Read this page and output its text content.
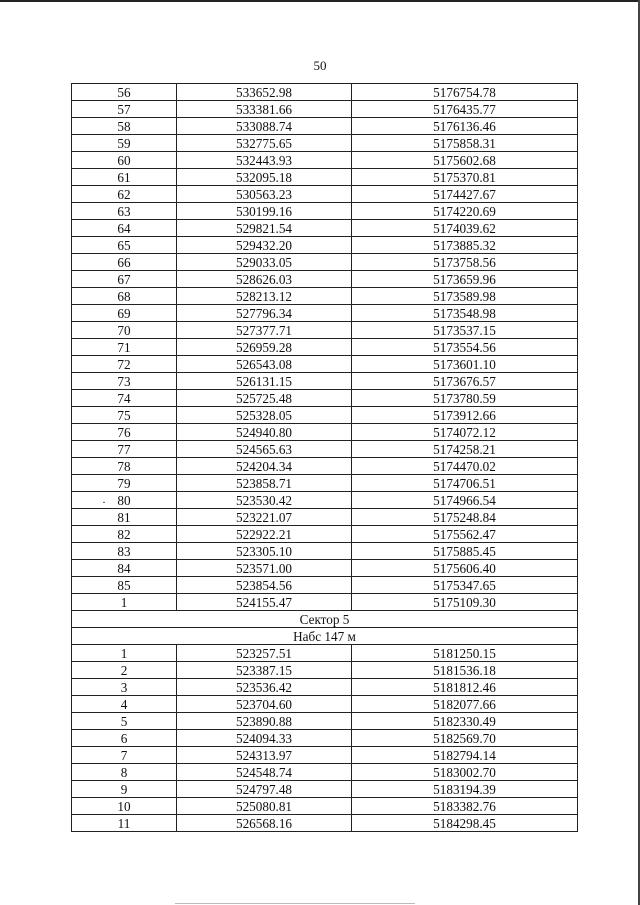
50
56	533652.98	5176754.78
57	533381.66	5176435.77
58	533088.74	5176136.46
59	532775.65	5175858.31
60	532443.93	5175602.68
61	532095.18	5175370.81
62	530563.23	5174427.67
63	530199.16	5174220.69
64	529821.54	5174039.62
65	529432.20	5173885.32
66	529033.05	5173758.56
67	528626.03	5173659.96
68	528213.12	5173589.98
69	527796.34	5173548.98
70	527377.71	5173537.15
71	526959.28	5173554.56
72	526543.08	5173601.10
73	526131.15	5173676.57
74	525725.48	5173780.59
75	525328.05	5173912.66
76	524940.80	5174072.12
77	524565.63	5174258.21
78	524204.34	5174470.02
79	523858.71	5174706.51

· 80	523530.42	5174966.54
81	523221.07	5175248.84
82	522922.21	5175562.47
83	523305.10	5175885.45
84	523571.00	5175606.40
85	523854.56	5175347.65
1	524155.47	5175109.30
Сектор 5		
Набс 147 м		
1	523257.51	5181250.15
2	523387.15	5181536.18
3	523536.42	5181812.46
4	523704.60	5182077.66
5	523890.88	5182330.49
6	524094.33	5182569.70
7	524313.97	5182794.14
8	524548.74	5183002.70
9	524797.48	5183194.39
10	525080.81	5183382.76
11	526568.16	5184298.45
